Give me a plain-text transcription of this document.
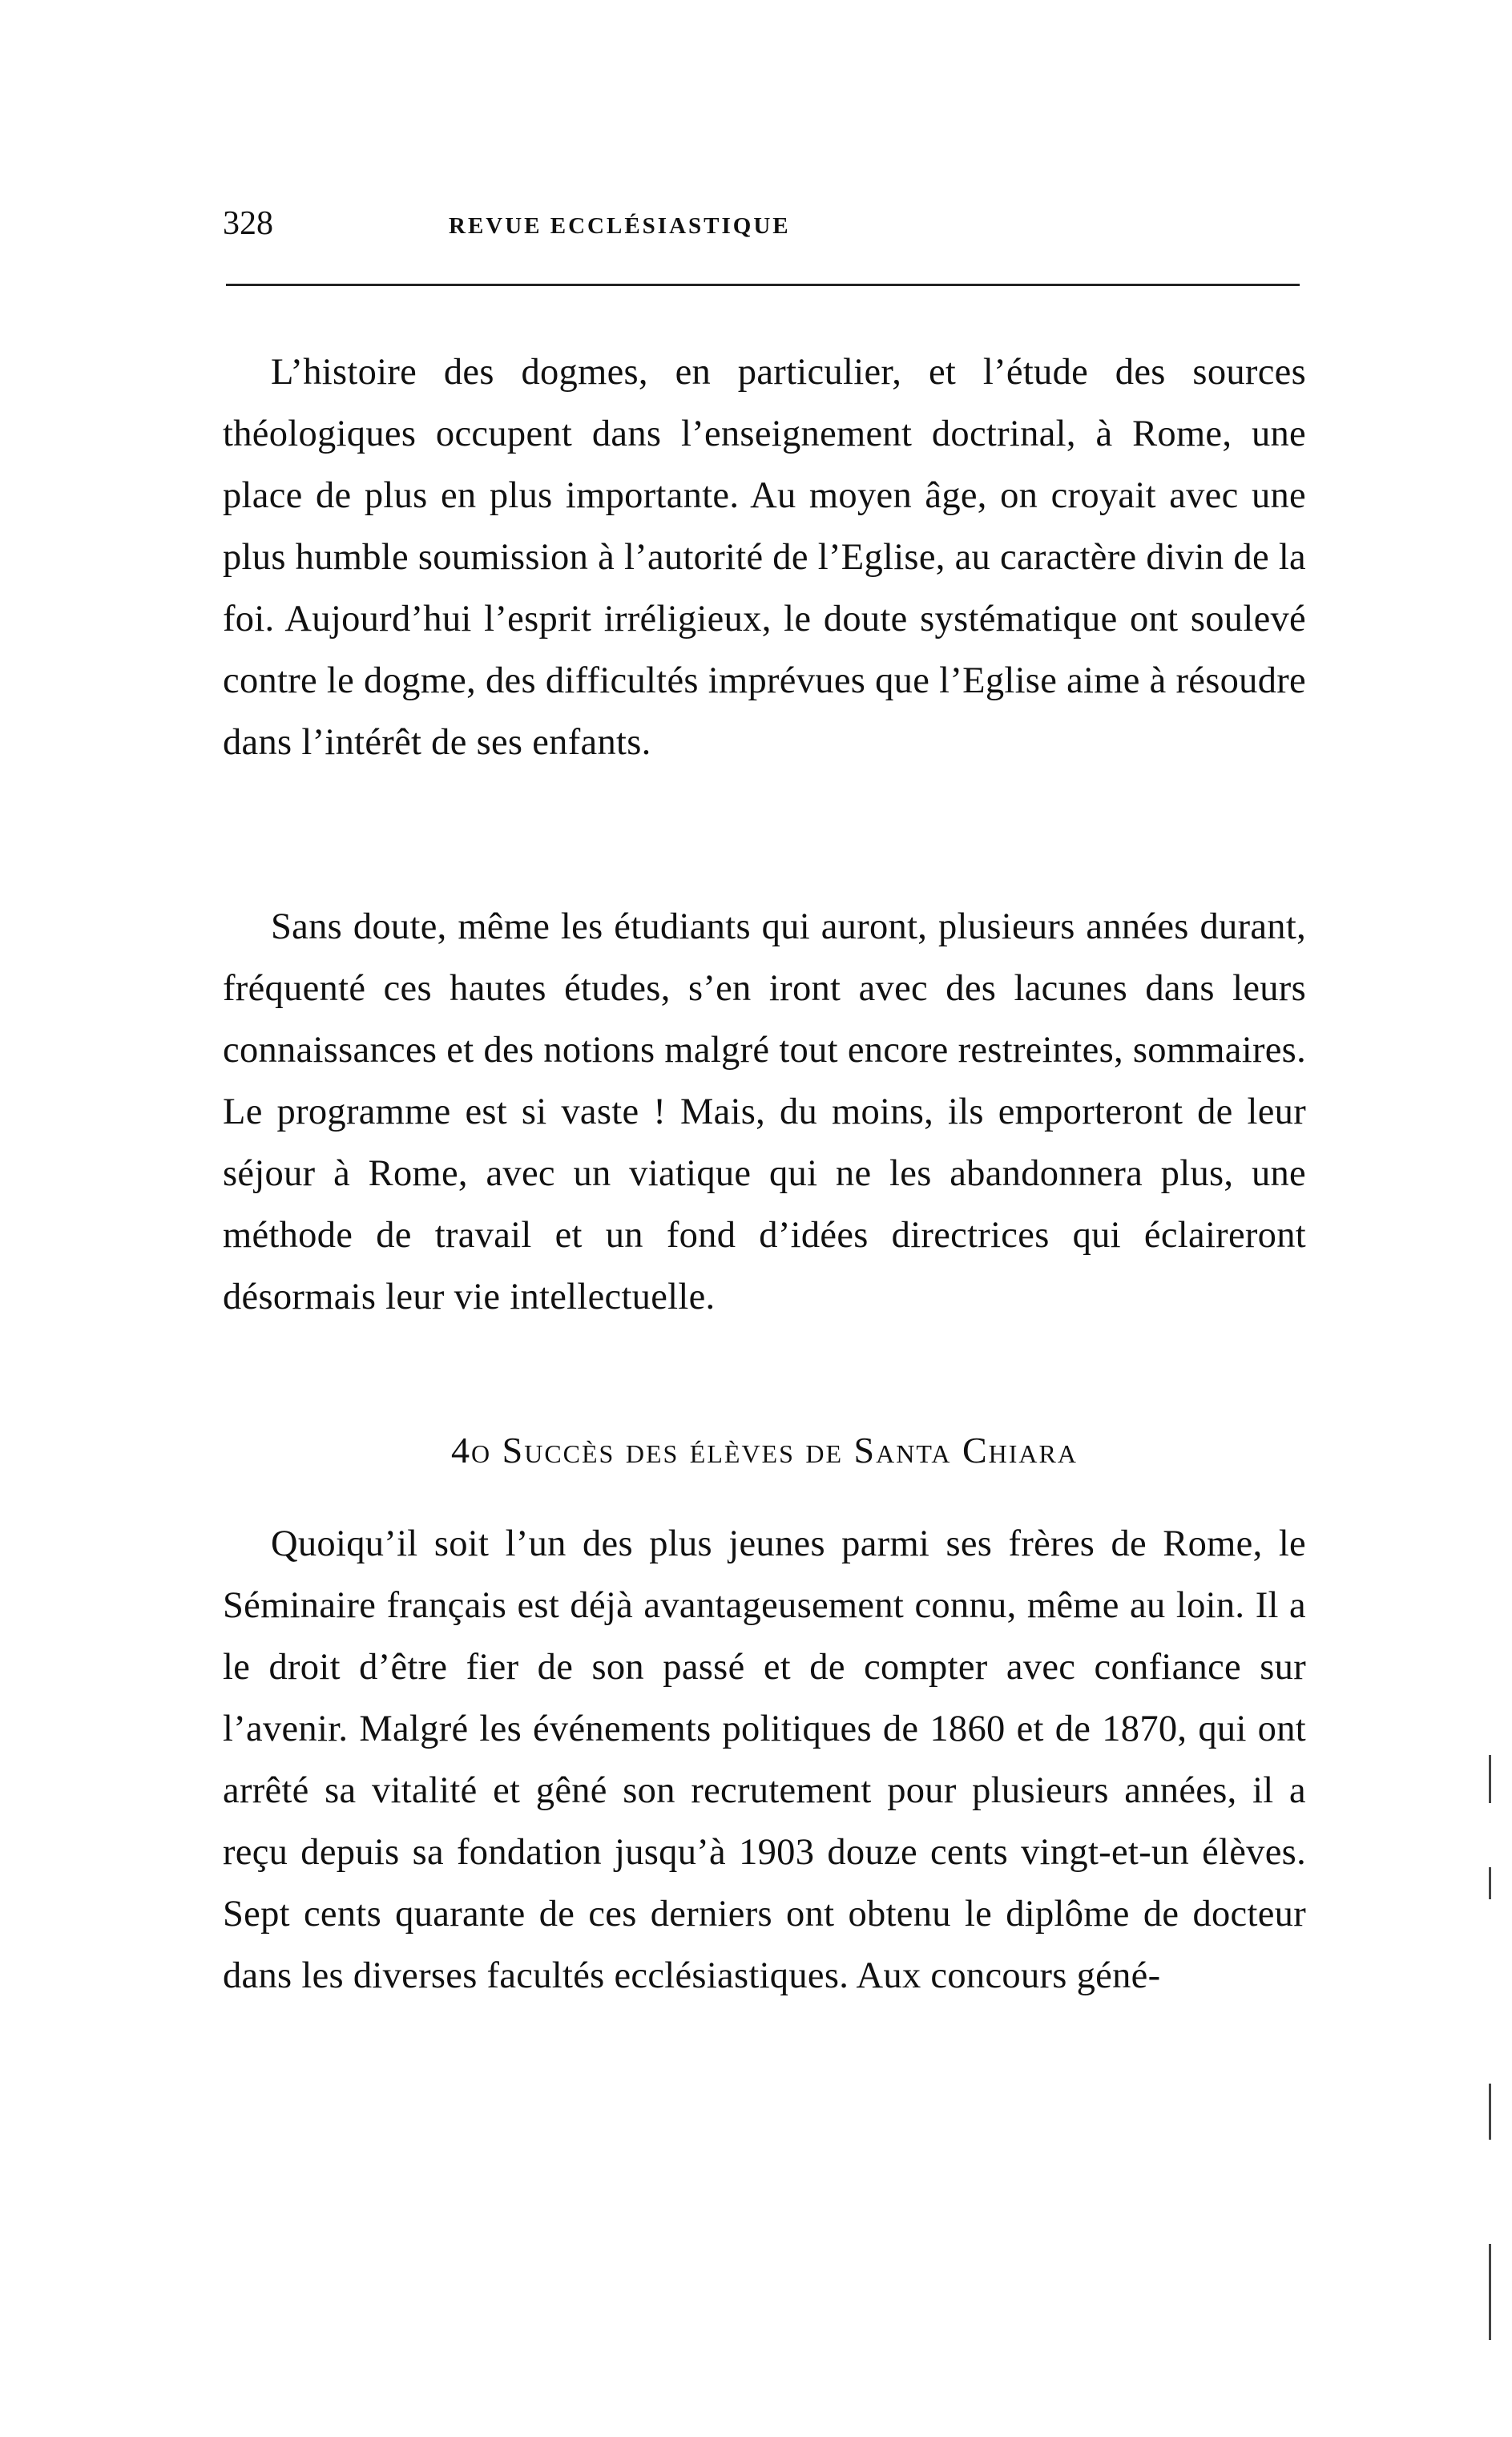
328	REVUE ECCLÉSIASTIQUE

L’histoire des dogmes, en particulier, et l’étude des sources théologiques occupent dans l’enseignement doctrinal, à Rome, une place de plus en plus importante. Au moyen âge, on croyait avec une plus humble soumission à l’autorité de l’Eglise, au caractère divin de la foi. Aujourd’hui l’esprit irréligieux, le doute systématique ont soulevé contre le dogme, des difficultés imprévues que l’Eglise aime à résoudre dans l’intérêt de ses enfants.

Sans doute, même les étudiants qui auront, plusieurs années durant, fréquenté ces hautes études, s’en iront avec des lacunes dans leurs connaissances et des notions malgré tout encore restreintes, sommaires. Le programme est si vaste ! Mais, du moins, ils emporteront de leur séjour à Rome, avec un viatique qui ne les abandonnera plus, une méthode de travail et un fond d’idées directrices qui éclaireront désormais leur vie intellectuelle.

4o Succès des élèves de Santa Chiara

Quoiqu’il soit l’un des plus jeunes parmi ses frères de Rome, le Séminaire français est déjà avantageusement connu, même au loin. Il a le droit d’être fier de son passé et de compter avec confiance sur l’avenir. Malgré les événements politiques de 1860 et de 1870, qui ont arrêté sa vitalité et gêné son recrutement pour plusieurs années, il a reçu depuis sa fondation jusqu’à 1903 douze cents vingt-et-un élèves. Sept cents quarante de ces derniers ont obtenu le diplôme de docteur dans les diverses facultés ecclésiastiques. Aux concours géné-
